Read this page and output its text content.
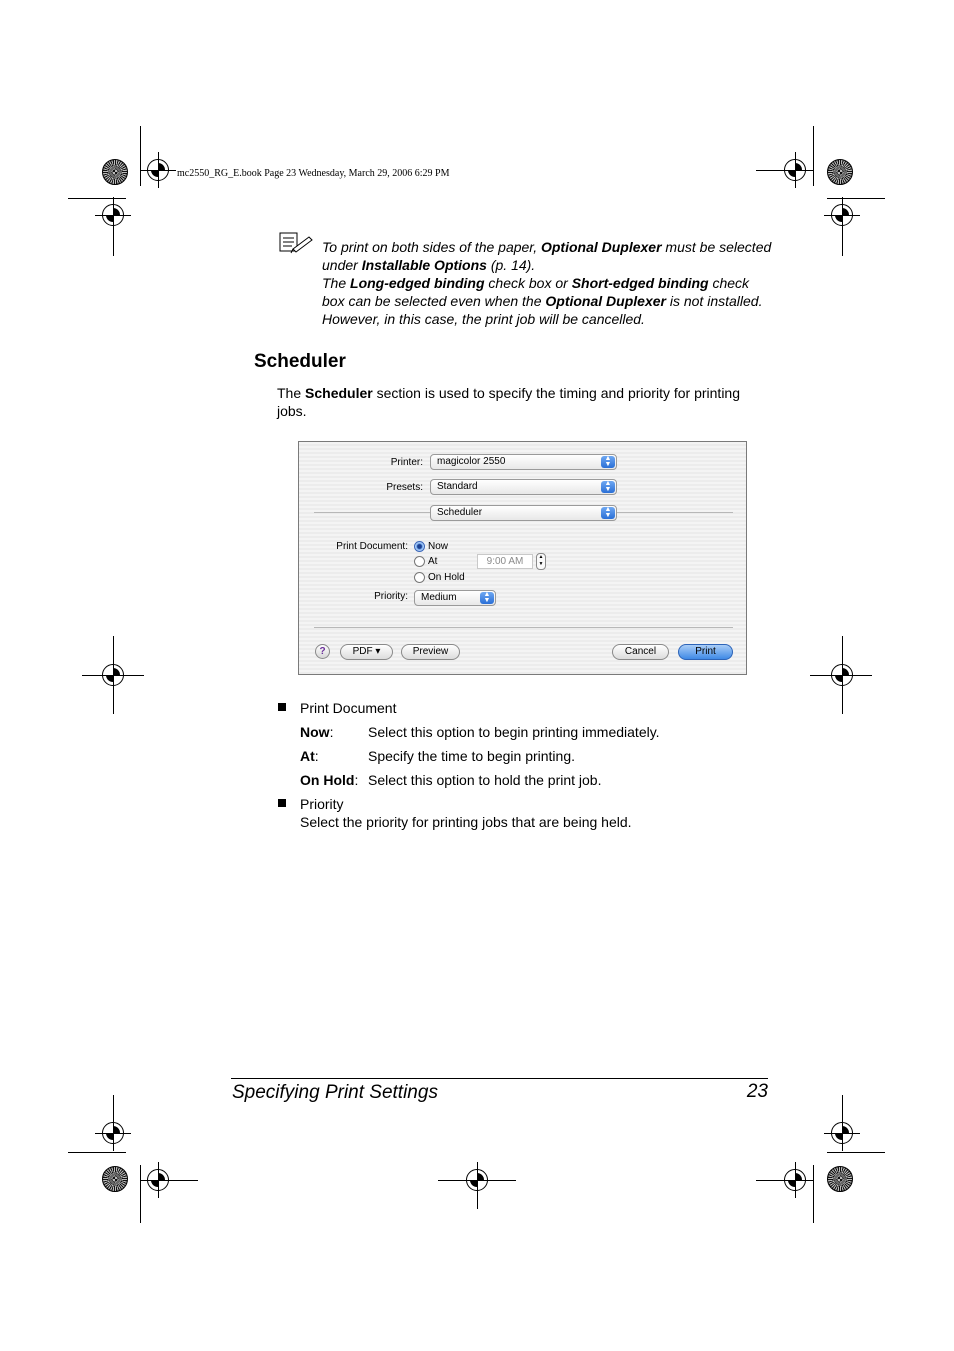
mc2550_RG_E.book Page 23 Wednesday, March 29, 2006 6:29 PM
To print on both sides of the paper, Optional Duplexer must be selected under Installable Options (p. 14).
The Long-edged binding check box or Short-edged binding check box can be selected even when the Optional Duplexer is not installed. However, in this case, the print job will be cancelled.
Scheduler
The Scheduler section is used to specify the timing and priority for printing jobs.
Printer:	magicolor 2550	▲
▼
Presets:	Standard	▲
▼
Scheduler	▲
▼
Print Document: Now
At	9:00 AM	▲
▼
On Hold
Priority:	Medium	▲
▼
?	PDF ▾	Preview	Cancel	Print
Print Document
Now: Select this option to begin printing immediately.
At:	Specify the time to begin printing.
On Hold: Select this option to hold the print job.
Priority
Select the priority for printing jobs that are being held.
Specifying Print Settings	23
